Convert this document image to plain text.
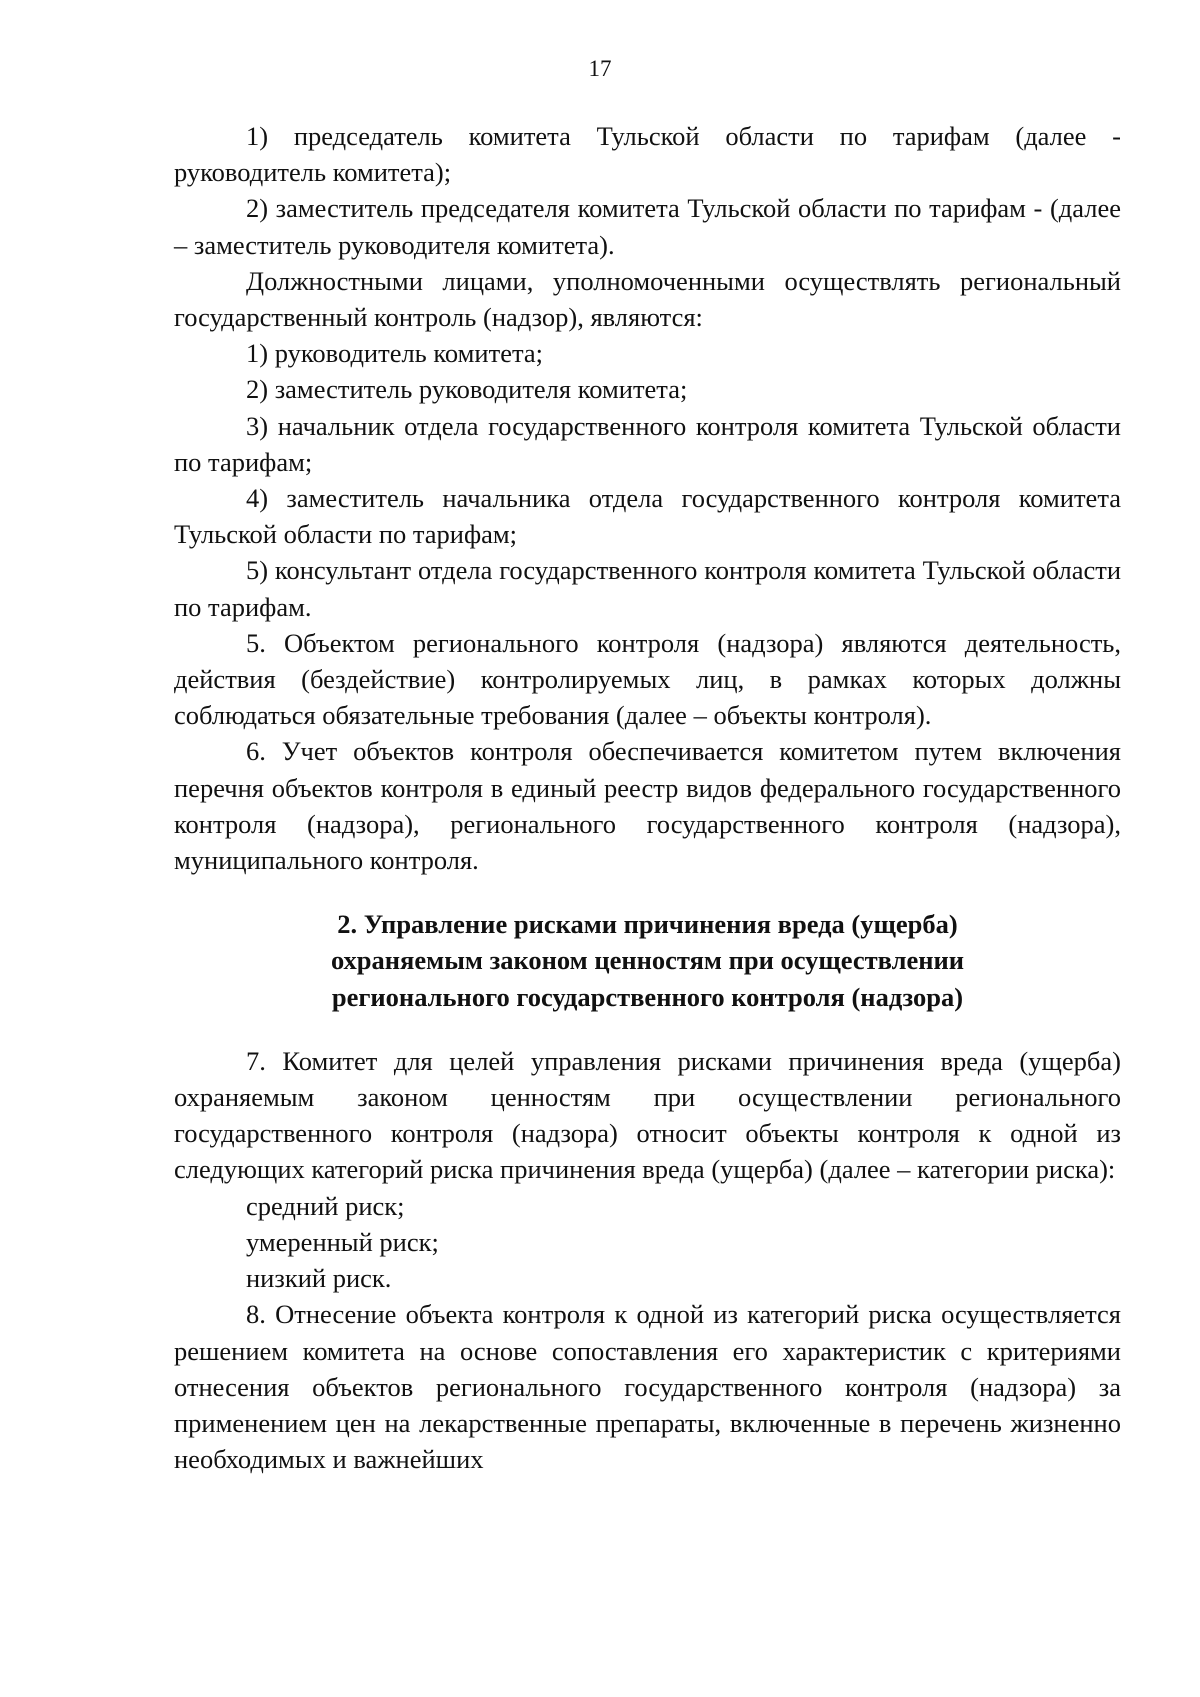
17

1) председатель комитета Тульской области по тарифам (далее - руководитель комитета);

2) заместитель председателя комитета Тульской области по тарифам - (далее – заместитель руководителя комитета).

Должностными лицами, уполномоченными осуществлять региональный государственный контроль (надзор), являются:

1) руководитель комитета;

2) заместитель руководителя комитета;

3) начальник отдела государственного контроля комитета Тульской области по тарифам;

4) заместитель начальника отдела государственного контроля комитета Тульской области по тарифам;

5) консультант отдела государственного контроля комитета Тульской области по тарифам.

5. Объектом регионального контроля (надзора) являются деятельность, действия (бездействие) контролируемых лиц, в рамках которых должны соблюдаться обязательные требования (далее – объекты контроля).

6. Учет объектов контроля обеспечивается комитетом путем включения перечня объектов контроля в единый реестр видов федерального государственного контроля (надзора), регионального государственного контроля (надзора), муниципального контроля.

2. Управление рисками причинения вреда (ущерба)
охраняемым законом ценностям при осуществлении
регионального государственного контроля (надзора)

7. Комитет для целей управления рисками причинения вреда (ущерба) охраняемым законом ценностям при осуществлении регионального государственного контроля (надзора) относит объекты контроля к одной из следующих категорий риска причинения вреда (ущерба) (далее – категории риска):

средний риск;

умеренный риск;

низкий риск.

8. Отнесение объекта контроля к одной из категорий риска осуществляется решением комитета на основе сопоставления его характеристик с критериями отнесения объектов регионального государственного контроля (надзора) за применением цен на лекарственные препараты, включенные в перечень жизненно необходимых и важнейших
